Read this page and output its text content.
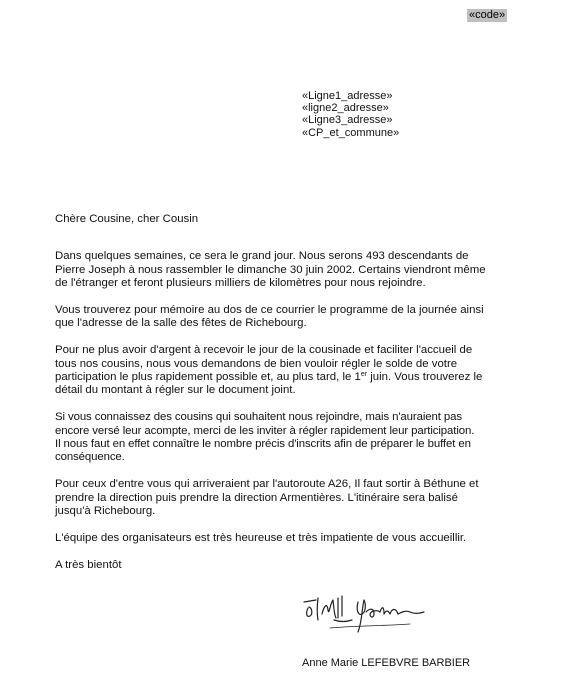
«code»
«Ligne1_adresse»
«ligne2_adresse»
«Ligne3_adresse»
«CP_et_commune»

Chère Cousine, cher Cousin

Dans quelques semaines, ce sera le grand jour. Nous serons 493 descendants de
Pierre Joseph à nous rassembler le dimanche 30 juin 2002. Certains viendront même
de l'étranger et feront plusieurs milliers de kilomètres pour nous rejoindre.

Vous trouverez pour mémoire au dos de ce courrier le programme de la journée ainsi
que l'adresse de la salle des fêtes de Richebourg.

Pour ne plus avoir d'argent à recevoir le jour de la cousinade et faciliter l'accueil de
tous nos cousins, nous vous demandons de bien vouloir régler le solde de votre
participation le plus rapidement possible et, au plus tard, le 1er juin. Vous trouverez le
détail du montant à régler sur le document joint.

Si vous connaissez des cousins qui souhaitent nous rejoindre, mais n'auraient pas
encore versé leur acompte, merci de les inviter à régler rapidement leur participation.
Il nous faut en effet connaître le nombre précis d'inscrits afin de préparer le buffet en
conséquence.

Pour ceux d'entre vous qui arriveraient par l'autoroute A26, Il faut sortir à Béthune et
prendre la direction puis prendre la direction Armentières. L'itinéraire sera balisé
jusqu'à Richebourg.

L'équipe des organisateurs est très heureuse et très impatiente de vous accueillir.

A très bientôt

Anne Marie LEFEBVRE BARBIER
